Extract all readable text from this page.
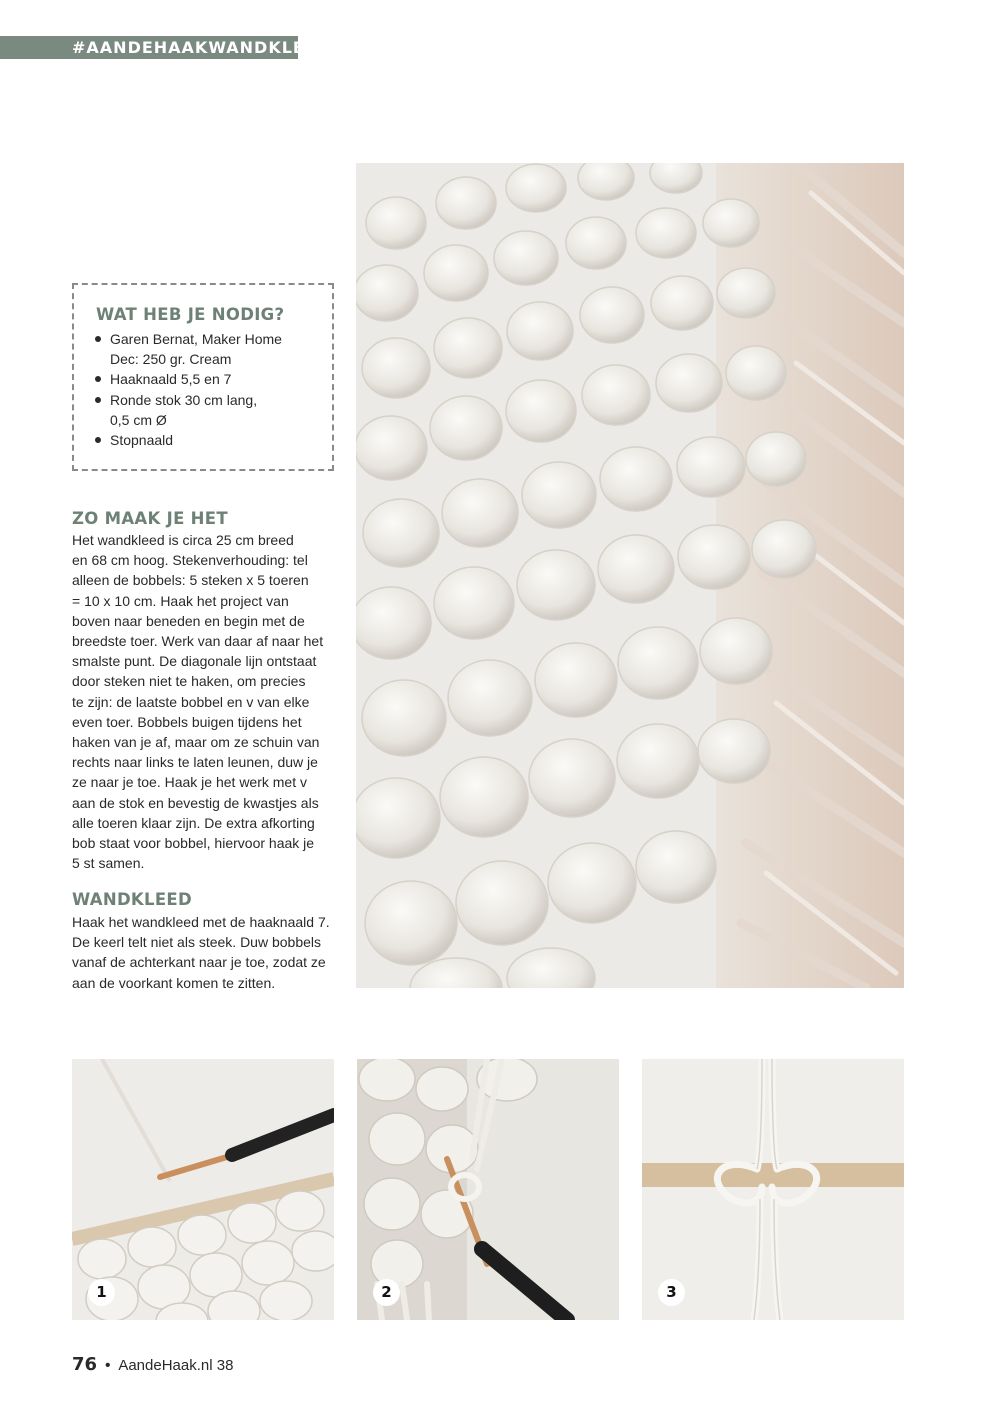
#AANDEHAAKWANDKLEED
WAT HEB JE NODIG?
Garen Bernat, Maker Home
Dec: 250 gr. Cream
Haaknaald 5,5 en 7
Ronde stok 30 cm lang,
0,5 cm Ø
Stopnaald
ZO MAAK JE HET
Het wandkleed is circa 25 cm breed
en 68 cm hoog. Stekenverhouding: tel
alleen de bobbels: 5 steken x 5 toeren
= 10 x 10 cm. Haak het project van
boven naar beneden en begin met de
breedste toer. Werk van daar af naar het
smalste punt. De diagonale lijn ontstaat
door steken niet te haken, om precies
te zijn: de laatste bobbel en v van elke
even toer. Bobbels buigen tijdens het
haken van je af, maar om ze schuin van
rechts naar links te laten leunen, duw je
ze naar je toe. Haak je het werk met v
aan de stok en bevestig de kwastjes als
alle toeren klaar zijn. De extra afkorting
bob staat voor bobbel, hiervoor haak je
5 st samen.
WANDKLEED
Haak het wandkleed met de haaknaald 7.
De keerl telt niet als steek. Duw bobbels
vanaf de achterkant naar je toe, zodat ze
aan de voorkant komen te zitten.
1	2	3
76 • AandeHaak.nl 38
